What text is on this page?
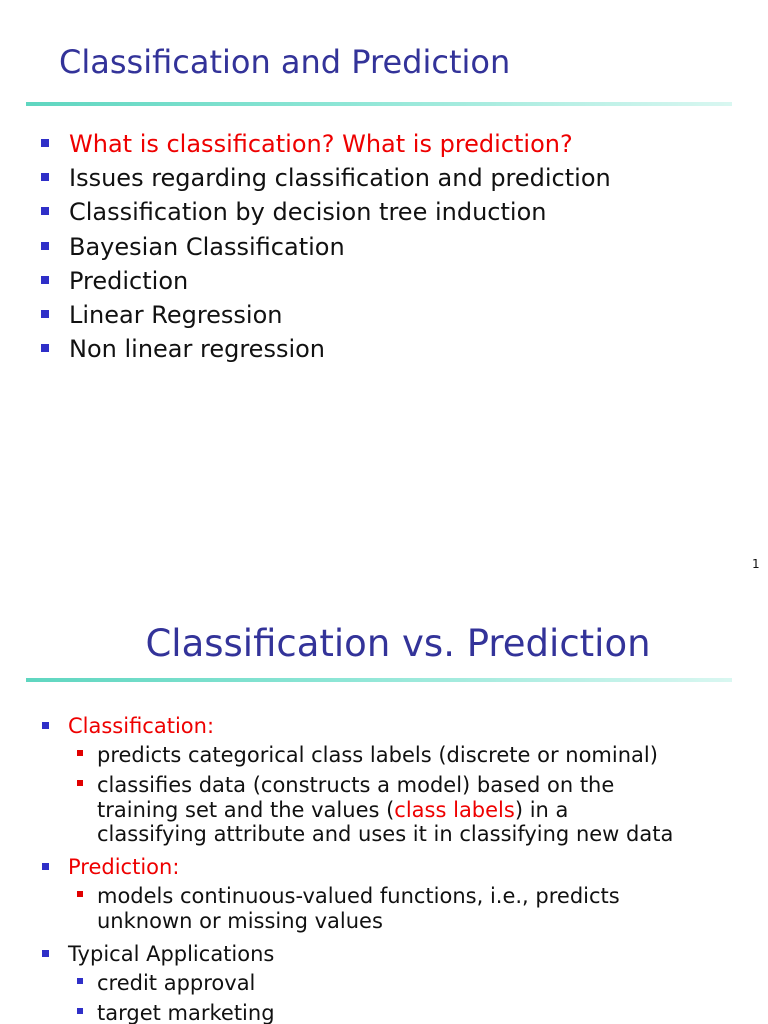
Classification and Prediction
What is classification? What is prediction?
Issues regarding classification and prediction
Classification by decision tree induction
Bayesian Classification
Prediction
Linear Regression
Non linear regression
1
Classification vs. Prediction
Classification:
predicts categorical class labels (discrete or nominal)
classifies data (constructs a model) based on the
training set and the values (class labels) in a
classifying attribute and uses it in classifying new data
Prediction:
models continuous-valued functions, i.e., predicts
unknown or missing values
Typical Applications
credit approval
target marketing
